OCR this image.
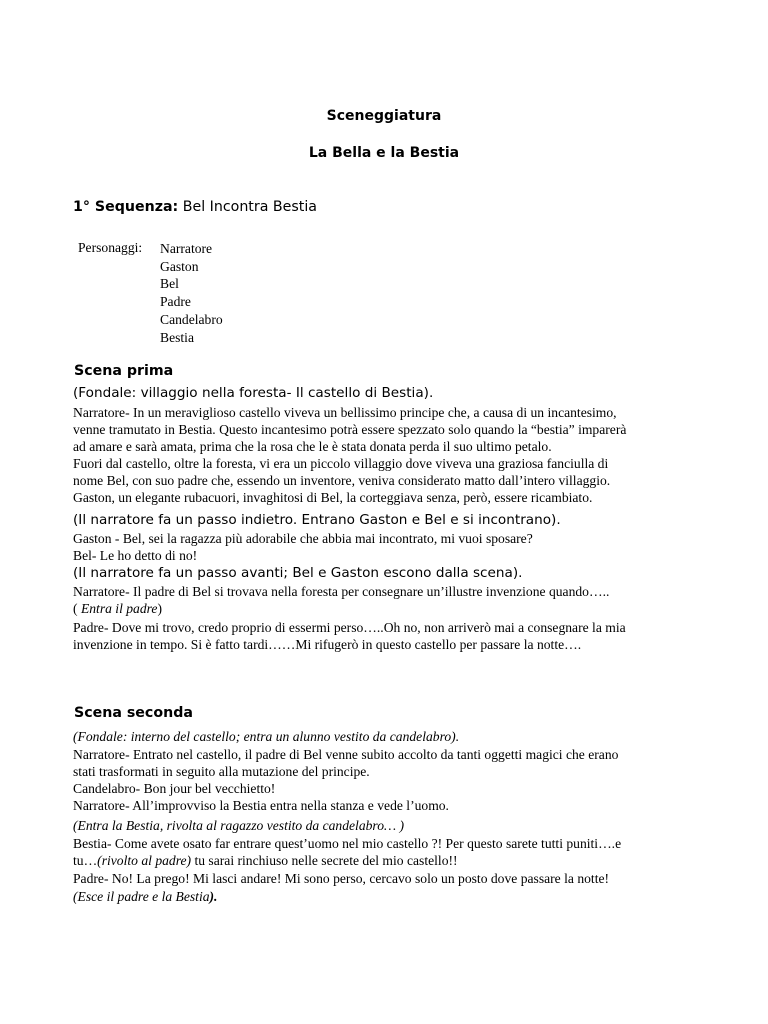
Sceneggiatura
La Bella e la Bestia
1° Sequenza: Bel Incontra Bestia
Personaggi: Narratore
Gaston
Bel
Padre
Candelabro
Bestia
Scena prima
(Fondale: villaggio nella foresta- Il castello di Bestia).
Narratore- In un meraviglioso castello viveva un bellissimo principe che, a causa di un incantesimo,
venne tramutato in Bestia. Questo incantesimo potrà essere spezzato solo quando la “bestia” imparerà
ad amare e sarà amata, prima che la rosa che le è stata donata perda il suo ultimo petalo.
Fuori dal castello, oltre la foresta, vi era un piccolo villaggio dove viveva una graziosa fanciulla di
nome Bel, con suo padre che, essendo un inventore, veniva considerato matto dall’intero villaggio.
Gaston, un elegante rubacuori, invaghitosi di Bel, la corteggiava senza, però, essere ricambiato.
(Il narratore fa un passo indietro. Entrano Gaston e Bel e si incontrano).
Gaston - Bel, sei la ragazza più adorabile che abbia mai incontrato, mi vuoi sposare?
Bel- Le ho detto di no!
(Il narratore fa un passo avanti; Bel e Gaston escono dalla scena).
Narratore- Il padre di Bel si trovava nella foresta per consegnare un’illustre invenzione quando…..
( Entra il padre)
Padre- Dove mi trovo, credo proprio di essermi perso…..Oh no, non arriverò mai a consegnare la mia
invenzione in tempo. Si è fatto tardi……Mi rifugerò in questo castello per passare la notte….
Scena seconda
(Fondale: interno del castello; entra un alunno vestito da candelabro).
Narratore- Entrato nel castello, il padre di Bel venne subito accolto da tanti oggetti magici che erano
stati trasformati in seguito alla mutazione del principe.
Candelabro- Bon jour bel vecchietto!
Narratore- All’improvviso la Bestia entra nella stanza e vede l’uomo.
(Entra la Bestia, rivolta al ragazzo vestito da candelabro… )
Bestia- Come avete osato far entrare quest’uomo nel mio castello ?! Per questo sarete tutti puniti….e
tu…(rivolto al padre) tu sarai rinchiuso nelle secrete del mio castello!!
Padre- No! La prego! Mi lasci andare! Mi sono perso, cercavo solo un posto dove passare la notte!
(Esce il padre e la Bestia).
